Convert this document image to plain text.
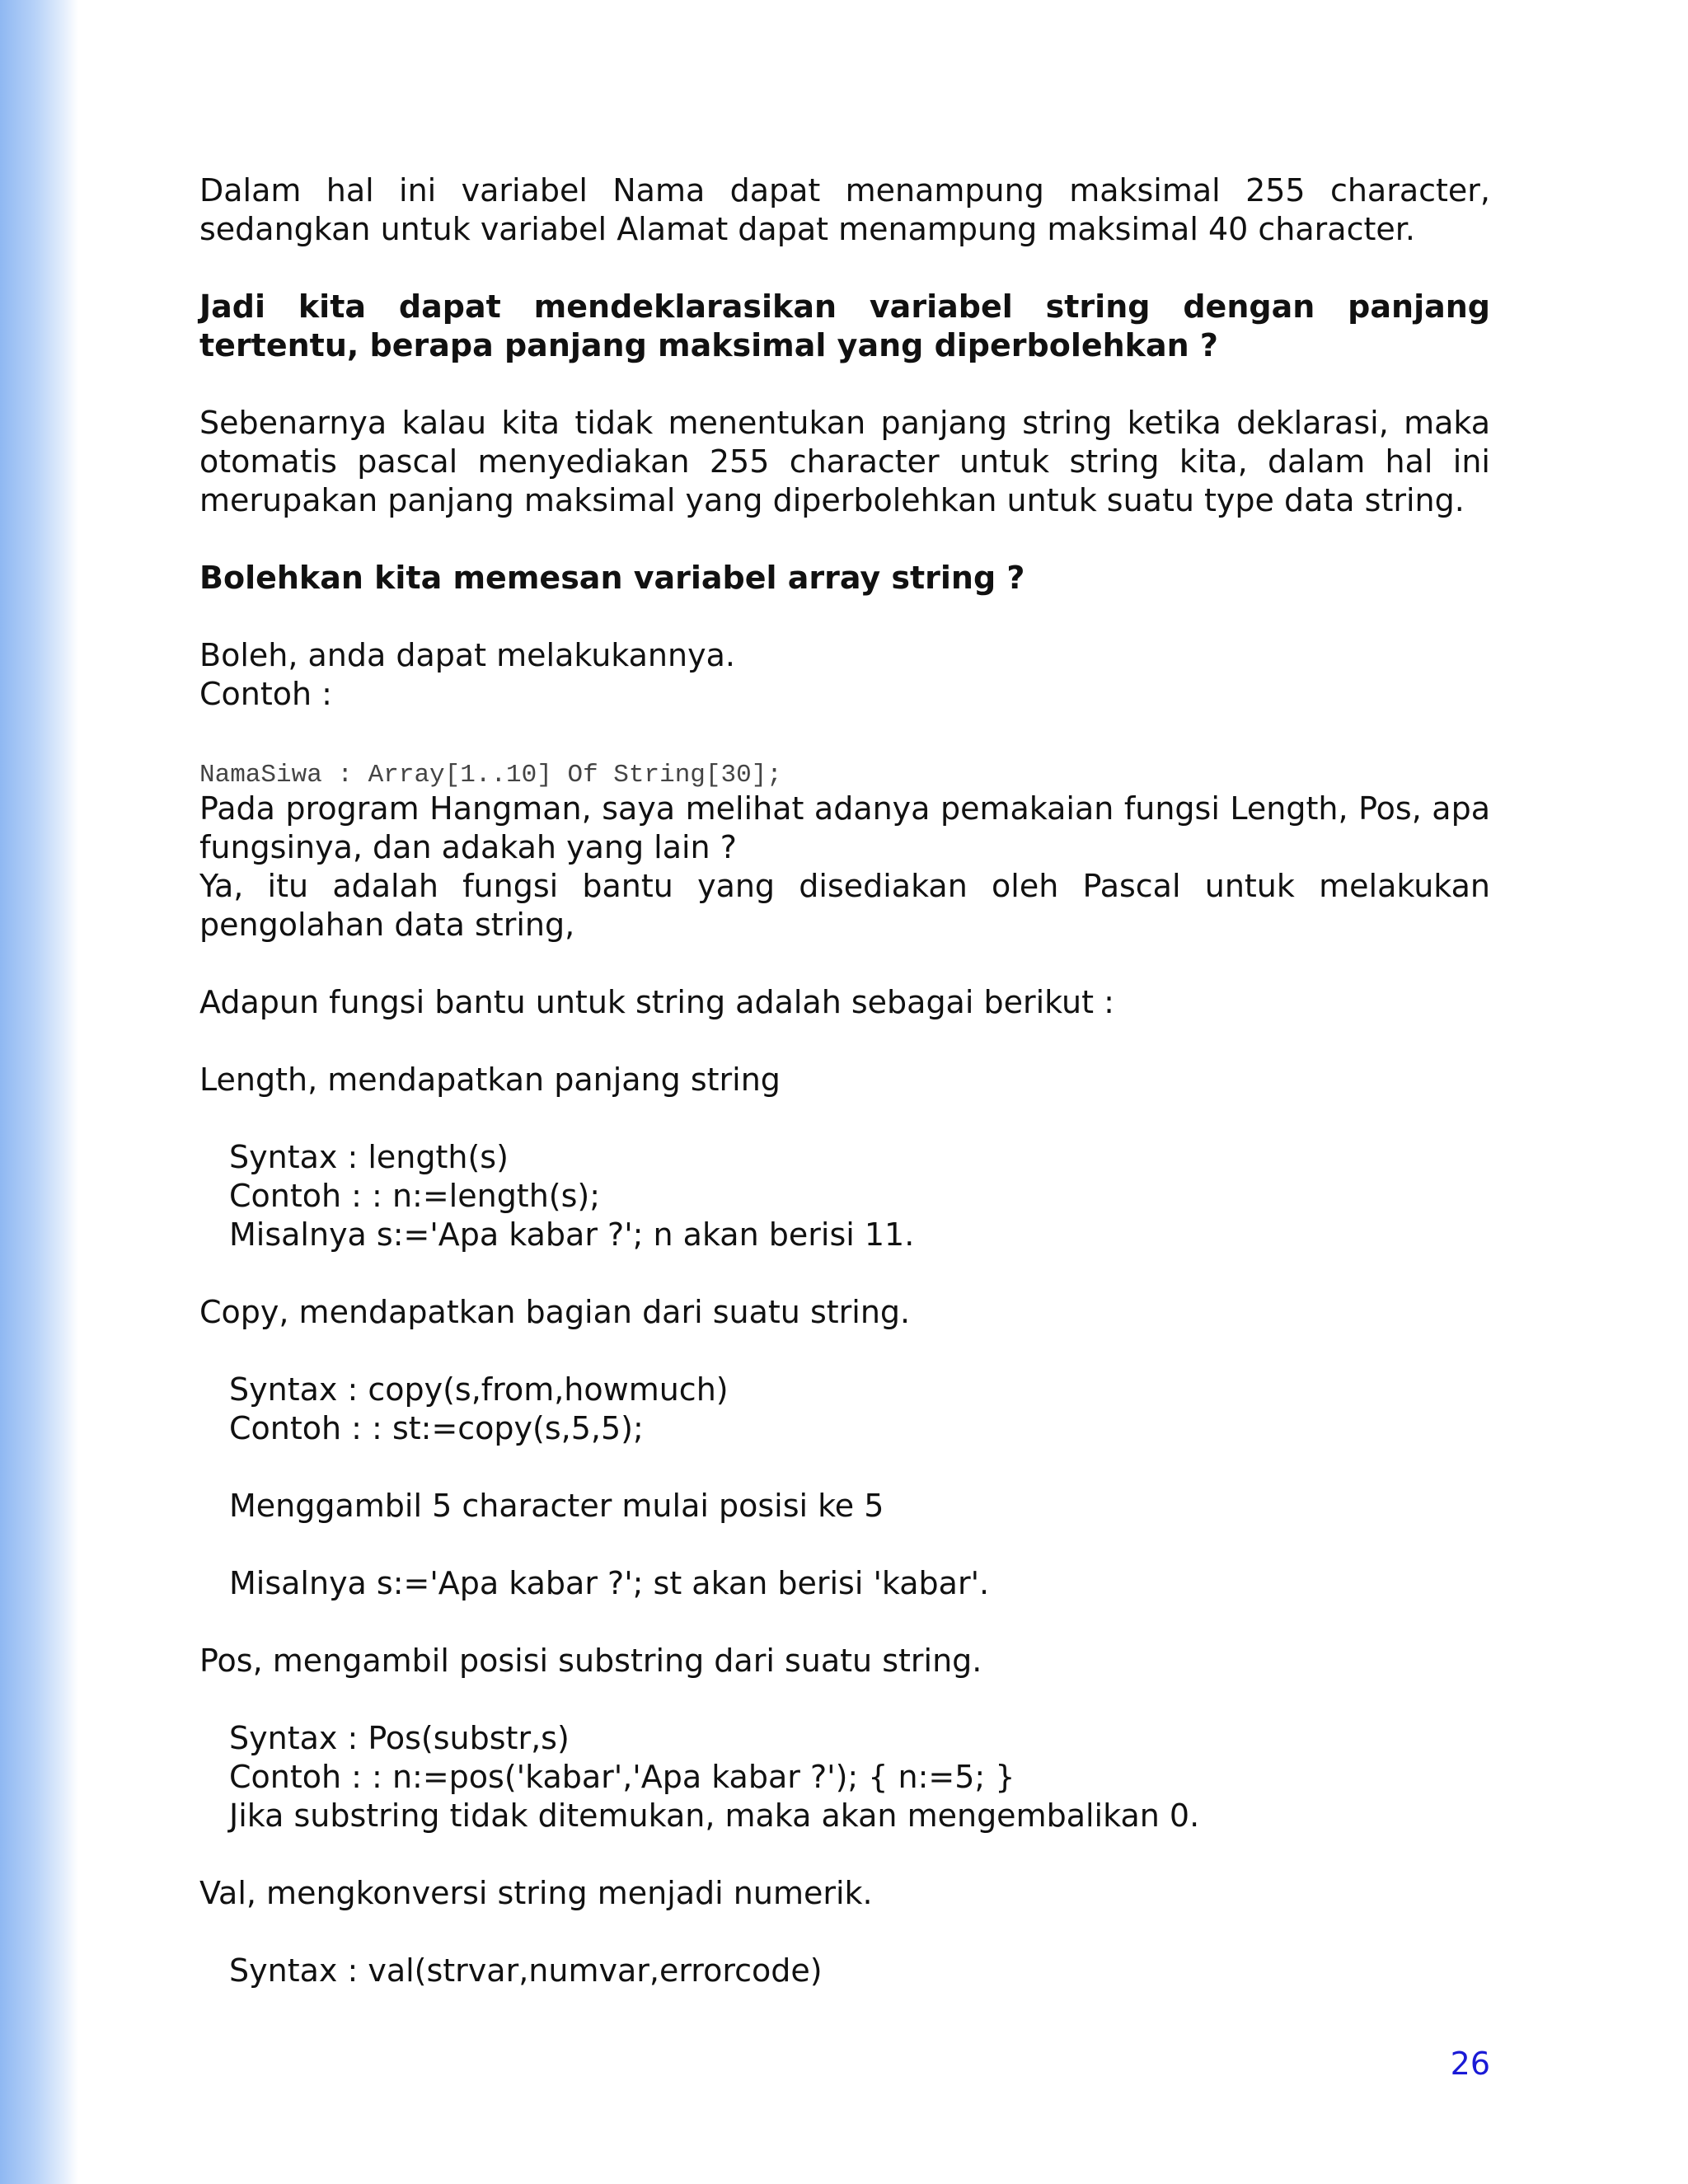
Dalam hal ini variabel Nama dapat menampung maksimal 255 character, sedangkan untuk variabel Alamat dapat menampung maksimal 40 character.

Jadi kita dapat mendeklarasikan variabel string dengan panjang tertentu, berapa panjang maksimal yang diperbolehkan ?

Sebenarnya kalau kita tidak menentukan panjang string ketika deklarasi, maka otomatis pascal menyediakan 255 character untuk string kita, dalam hal ini merupakan panjang maksimal yang diperbolehkan untuk suatu type data string.

Bolehkan kita memesan variabel array string ?

Boleh, anda dapat melakukannya.

Contoh :

NamaSiwa : Array[1..10] Of String[30];

Pada program Hangman, saya melihat adanya pemakaian fungsi Length, Pos, apa fungsinya, dan adakah yang lain ?

Ya, itu adalah fungsi bantu yang disediakan oleh Pascal untuk melakukan pengolahan data string,

Adapun fungsi bantu untuk string adalah sebagai berikut :

Length, mendapatkan panjang string

Syntax : length(s)

Contoh : : n:=length(s);

Misalnya s:='Apa kabar ?'; n akan berisi 11.

Copy, mendapatkan bagian dari suatu string.

Syntax : copy(s,from,howmuch)

Contoh : : st:=copy(s,5,5);

Menggambil 5 character mulai posisi ke 5

Misalnya s:='Apa kabar ?'; st akan berisi 'kabar'.

Pos, mengambil posisi substring dari suatu string.

Syntax : Pos(substr,s)

Contoh : : n:=pos('kabar','Apa kabar ?'); { n:=5; }

Jika substring tidak ditemukan, maka akan mengembalikan 0.

Val, mengkonversi string menjadi numerik.

Syntax : val(strvar,numvar,errorcode)

26
